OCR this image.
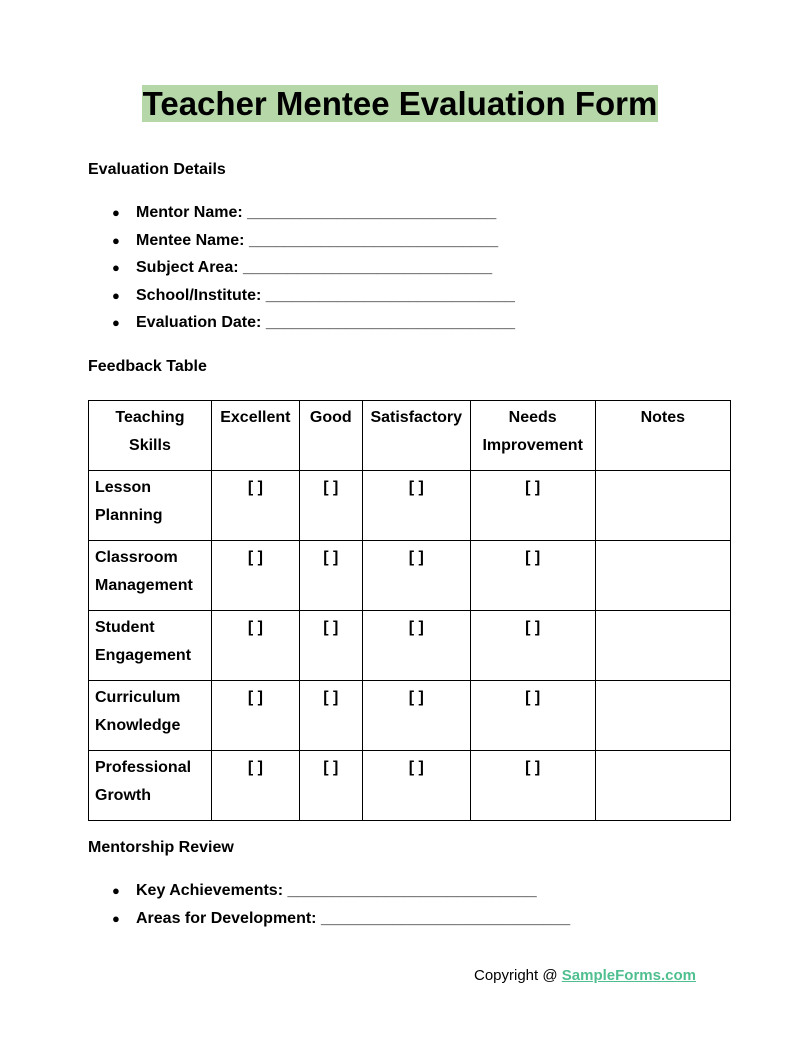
Teacher Mentee Evaluation Form
Evaluation Details
● Mentor Name: ____________________________
● Mentee Name: ____________________________
● Subject Area: ____________________________
● School/Institute: ____________________________
● Evaluation Date: ____________________________
Feedback Table
Teaching Skills	Excellent	Good	Satisfactory	Needs Improvement	Notes
Lesson Planning	[ ]	[ ]	[ ]	[ ]	
Classroom Management	[ ]	[ ]	[ ]	[ ]	
Student Engagement	[ ]	[ ]	[ ]	[ ]	
Curriculum Knowledge	[ ]	[ ]	[ ]	[ ]	
Professional Growth	[ ]	[ ]	[ ]	[ ]	
Mentorship Review
● Key Achievements: ____________________________
● Areas for Development: ____________________________
Copyright @ SampleForms.com
